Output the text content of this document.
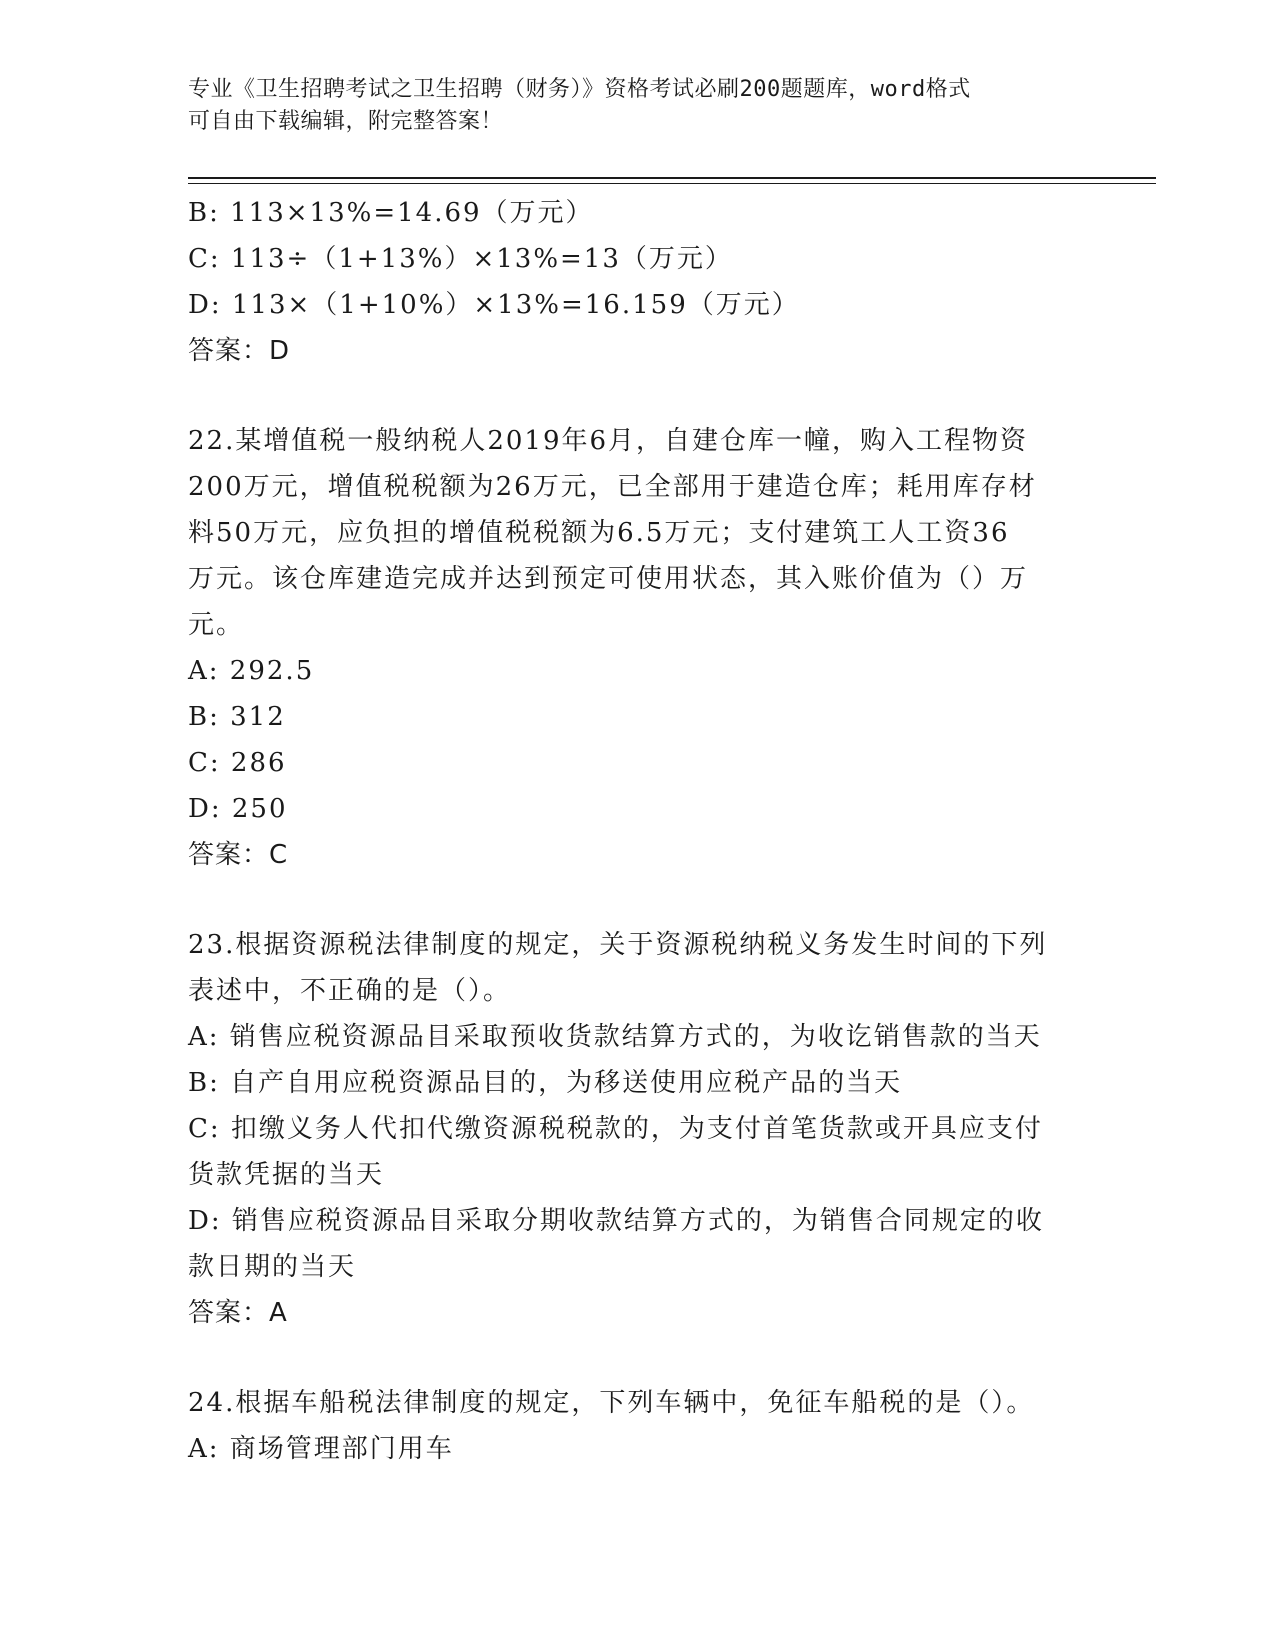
专业《卫生招聘考试之卫生招聘（财务）》资格考试必刷200题题库，word格式
可自由下载编辑，附完整答案！
B: 113×13%=14.69（万元）
C: 113÷（1+13%）×13%=13（万元）
D: 113×（1+10%）×13%=16.159（万元）
答案：D
22.某增值税一般纳税人2019年6月，自建仓库一幢，购入工程物资
200万元，增值税税额为26万元，已全部用于建造仓库；耗用库存材
料50万元，应负担的增值税税额为6.5万元；支付建筑工人工资36
万元。该仓库建造完成并达到预定可使用状态，其入账价值为（）万
元。
A: 292.5
B: 312
C: 286
D: 250
答案：C
23.根据资源税法律制度的规定，关于资源税纳税义务发生时间的下列
表述中，不正确的是（）。
A: 销售应税资源品目采取预收货款结算方式的，为收讫销售款的当天
B: 自产自用应税资源品目的，为移送使用应税产品的当天
C: 扣缴义务人代扣代缴资源税税款的，为支付首笔货款或开具应支付
货款凭据的当天
D: 销售应税资源品目采取分期收款结算方式的，为销售合同规定的收
款日期的当天
答案：A
24.根据车船税法律制度的规定，下列车辆中，免征车船税的是（）。
A: 商场管理部门用车
